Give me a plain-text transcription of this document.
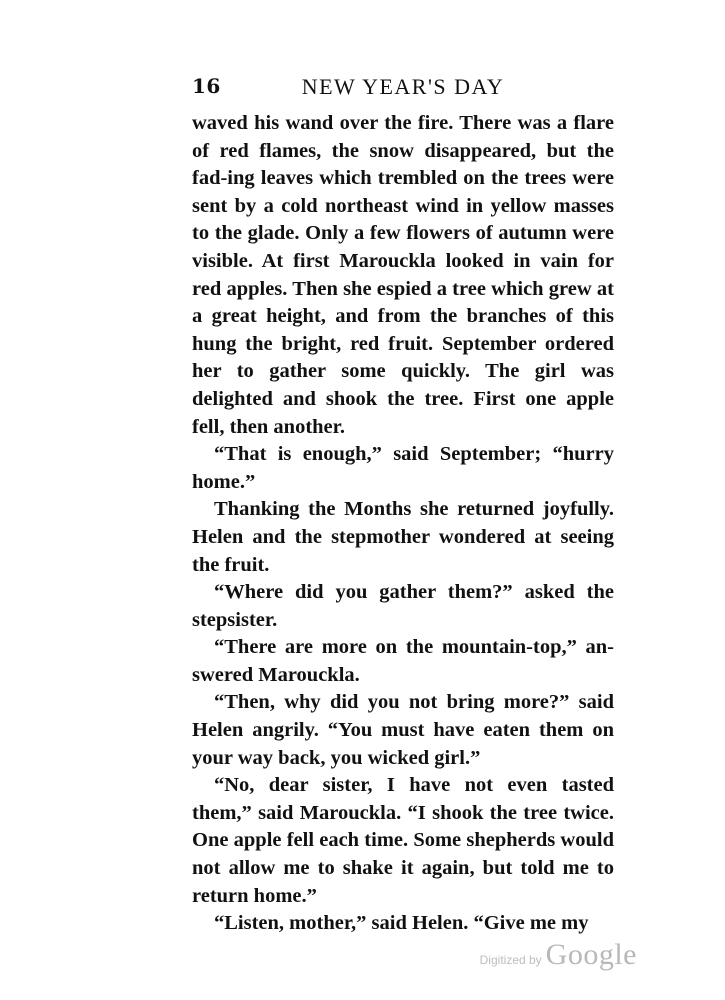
16	NEW YEAR'S DAY

waved his wand over the fire. There was a flare of red flames, the snow disappeared, but the fad-ing leaves which trembled on the trees were sent by a cold northeast wind in yellow masses to the glade. Only a few flowers of autumn were visible. At first Marouckla looked in vain for red apples. Then she espied a tree which grew at a great height, and from the branches of this hung the bright, red fruit. September ordered her to gather some quickly. The girl was delighted and shook the tree. First one apple fell, then another.

“That is enough,” said September; “hurry home.”

Thanking the Months she returned joyfully. Helen and the stepmother wondered at seeing the fruit.

“Where did you gather them?” asked the stepsister.

“There are more on the mountain-top,” an-swered Marouckla.

“Then, why did you not bring more?” said Helen angrily. “You must have eaten them on your way back, you wicked girl.”

“No, dear sister, I have not even tasted them,” said Marouckla. “I shook the tree twice. One apple fell each time. Some shepherds would not allow me to shake it again, but told me to return home.”

“Listen, mother,” said Helen. “Give me my

Digitized by Google
